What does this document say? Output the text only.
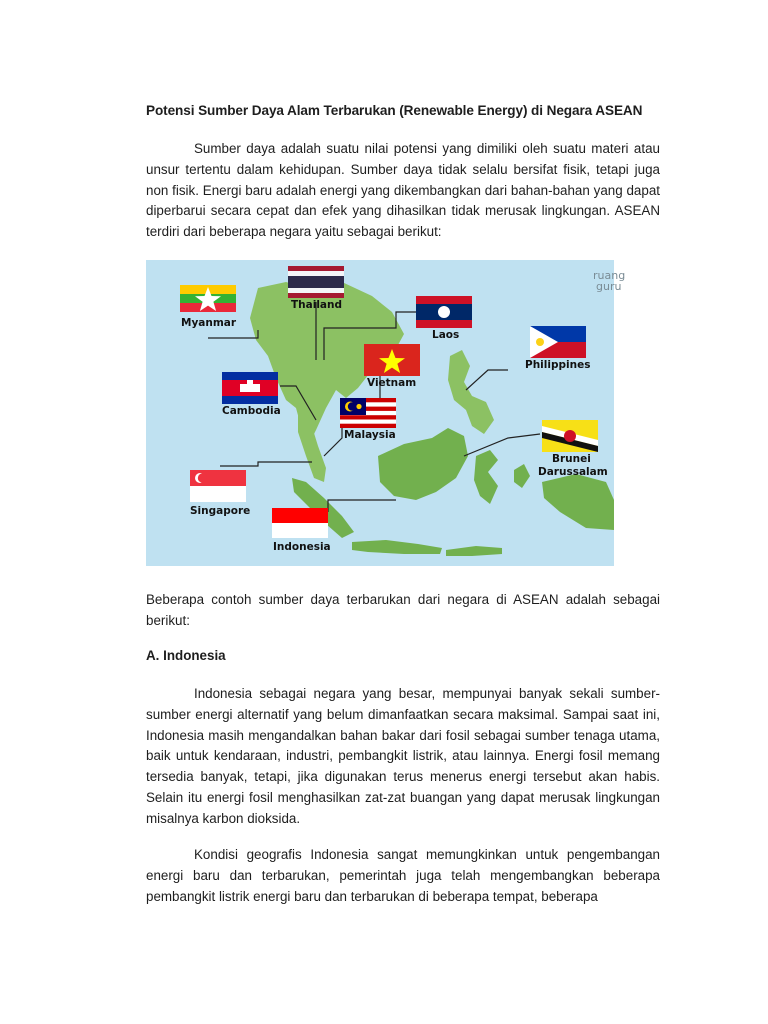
Potensi Sumber Daya Alam Terbarukan (Renewable Energy) di Negara ASEAN

Sumber daya adalah suatu nilai potensi yang dimiliki oleh suatu materi atau unsur tertentu dalam kehidupan. Sumber daya tidak selalu bersifat fisik, tetapi juga non fisik. Energi baru adalah energi yang dikembangkan dari bahan-bahan yang dapat diperbarui secara cepat dan efek yang dihasilkan tidak merusak lingkungan. ASEAN terdiri dari beberapa negara yaitu sebagai berikut:

Myanmar
Thailand
Laos
Philippines
Vietnam
Cambodia
Malaysia
Brunei
Darussalam
Singapore
Indonesia
ruang
guru

Beberapa contoh sumber daya terbarukan dari negara di ASEAN adalah sebagai berikut:

A. Indonesia

Indonesia sebagai negara yang besar, mempunyai banyak sekali sumber-sumber energi alternatif yang belum dimanfaatkan secara maksimal. Sampai saat ini, Indonesia masih mengandalkan bahan bakar dari fosil sebagai sumber tenaga utama, baik untuk kendaraan, industri, pembangkit listrik, atau lainnya. Energi fosil memang tersedia banyak, tetapi, jika digunakan terus menerus energi tersebut akan habis. Selain itu energi fosil menghasilkan zat-zat buangan yang dapat merusak lingkungan misalnya karbon dioksida.

Kondisi geografis Indonesia sangat memungkinkan untuk pengembangan energi baru dan terbarukan, pemerintah juga telah mengembangkan beberapa pembangkit listrik energi baru dan terbarukan di beberapa tempat, beberapa
